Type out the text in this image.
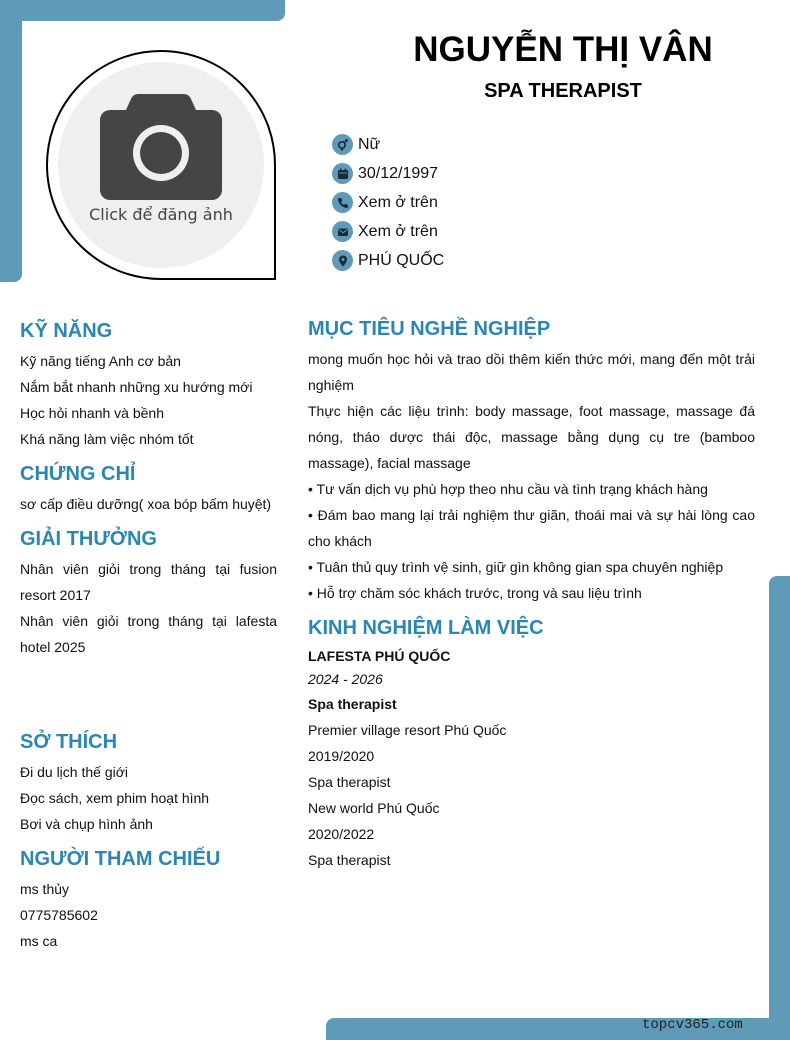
topcv365.com
Click để đăng ảnh
NGUYỄN THỊ VÂN
SPA THERAPIST
Nữ
30/12/1997
Xem ở trên
Xem ở trên
PHÚ QUỐC
KỸ NĂNG
Kỹ năng tiếng Anh cơ bản
Nắm bắt nhanh những xu hướng mới
Học hỏi nhanh và bềnh
Khá năng làm việc nhóm tốt
CHỨNG CHỈ
sơ cấp điều dưỡng( xoa bóp bấm huyệt)
GIẢI THƯỞNG
Nhân viên giỏi trong tháng tại fusion resort 2017
Nhân viên giỏi trong tháng tại lafesta hotel 2025
SỞ THÍCH
Đi du lịch thế giới
Đọc sách, xem phim hoạt hình
Bơi và chụp hình ảnh
NGƯỜI THAM CHIẾU
ms thủy
0775785602
ms ca
MỤC TIÊU NGHỀ NGHIỆP
mong muốn học hỏi và trao dồi thêm kiến thức mới, mang đến một trải nghiệm
Thực hiện các liệu trình: body massage, foot massage, massage đá nóng, tháo dược thái độc, massage bằng dụng cụ tre (bamboo massage), facial massage
• Tư vấn dịch vụ phù hợp theo nhu cầu và tình trạng khách hàng
• Đám bao mang lại trải nghiệm thư giãn, thoái mai và sự hài lòng cao cho khách
• Tuân thủ quy trình vệ sinh, giữ gìn không gian spa chuyên nghiệp
• Hỗ trợ chăm sóc khách trước, trong và sau liệu trình
KINH NGHIỆM LÀM VIỆC
LAFESTA PHÚ QUỐC
2024 - 2026
Spa therapist
Premier village resort Phú Quốc
2019/2020
Spa therapist
New world Phú Quốc
2020/2022
Spa therapist
